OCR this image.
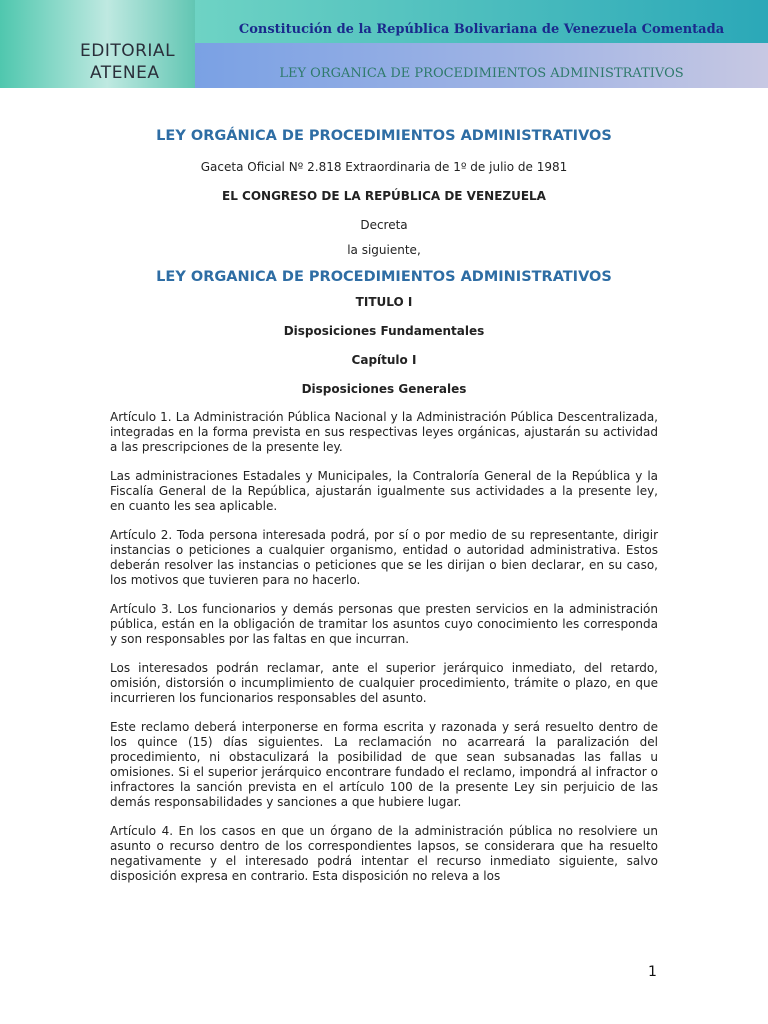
EDITORIAL
ATENEA
Constitución de la República Bolivariana de Venezuela Comentada
LEY ORGANICA DE PROCEDIMIENTOS ADMINISTRATIVOS

LEY ORGÁNICA DE PROCEDIMIENTOS ADMINISTRATIVOS

Gaceta Oficial Nº 2.818 Extraordinaria de 1º de julio de 1981

EL CONGRESO DE LA REPÚBLICA DE VENEZUELA

Decreta

la siguiente,

LEY ORGANICA DE PROCEDIMIENTOS ADMINISTRATIVOS

TITULO I

Disposiciones Fundamentales

Capítulo I

Disposiciones Generales

Artículo 1. La Administración Pública Nacional y la Administración Pública Descentralizada, integradas en la forma prevista en sus respectivas leyes orgánicas, ajustarán su actividad a las prescripciones de la presente ley.

Las administraciones Estadales y Municipales, la Contraloría General de la República y la Fiscalía General de la República, ajustarán igualmente sus actividades a la presente ley, en cuanto les sea aplicable.

Artículo 2. Toda persona interesada podrá, por sí o por medio de su representante, dirigir instancias o peticiones a cualquier organismo, entidad o autoridad administrativa. Estos deberán resolver las instancias o peticiones que se les dirijan o bien declarar, en su caso, los motivos que tuvieren para no hacerlo.

Artículo 3. Los funcionarios y demás personas que presten servicios en la administración pública, están en la obligación de tramitar los asuntos cuyo conocimiento les corresponda y son responsables por las faltas en que incurran.

Los interesados podrán reclamar, ante el superior jerárquico inmediato, del retardo, omisión, distorsión o incumplimiento de cualquier procedimiento, trámite o plazo, en que incurrieren los funcionarios responsables del asunto.

Este reclamo deberá interponerse en forma escrita y razonada y será resuelto dentro de los quince (15) días siguientes. La reclamación no acarreará la paralización del procedimiento, ni obstaculizará la posibilidad de que sean subsanadas las fallas u omisiones. Si el superior jerárquico encontrare fundado el reclamo, impondrá al infractor o infractores la sanción prevista en el artículo 100 de la presente Ley sin perjuicio de las demás responsabilidades y sanciones a que hubiere lugar.

Artículo 4. En los casos en que un órgano de la administración pública no resolviere un asunto o recurso dentro de los correspondientes lapsos, se considerara que ha resuelto negativamente y el interesado podrá intentar el recurso inmediato siguiente, salvo disposición expresa en contrario. Esta disposición no releva a los

1
